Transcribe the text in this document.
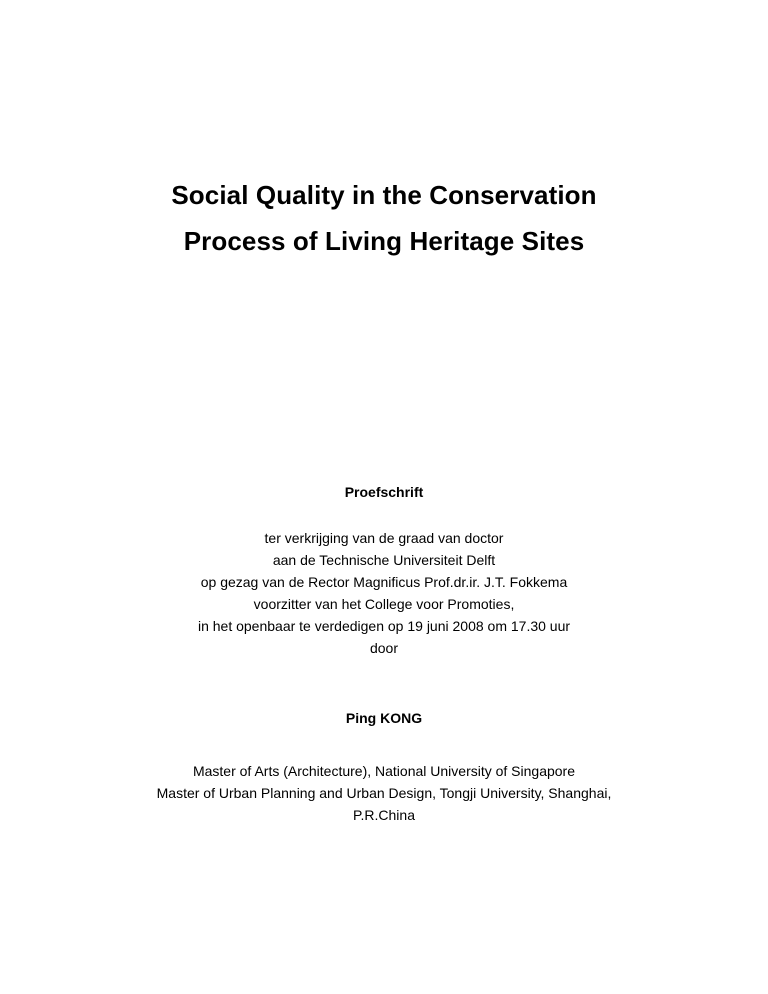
Social Quality in the Conservation
Process of Living Heritage Sites
Proefschrift
ter verkrijging van de graad van doctor
aan de Technische Universiteit Delft
op gezag van de Rector Magnificus Prof.dr.ir. J.T. Fokkema
voorzitter van het College voor Promoties,
in het openbaar te verdedigen op 19 juni 2008 om 17.30 uur
door
Ping KONG
Master of Arts (Architecture), National University of Singapore
Master of Urban Planning and Urban Design, Tongji University, Shanghai,
P.R.China
